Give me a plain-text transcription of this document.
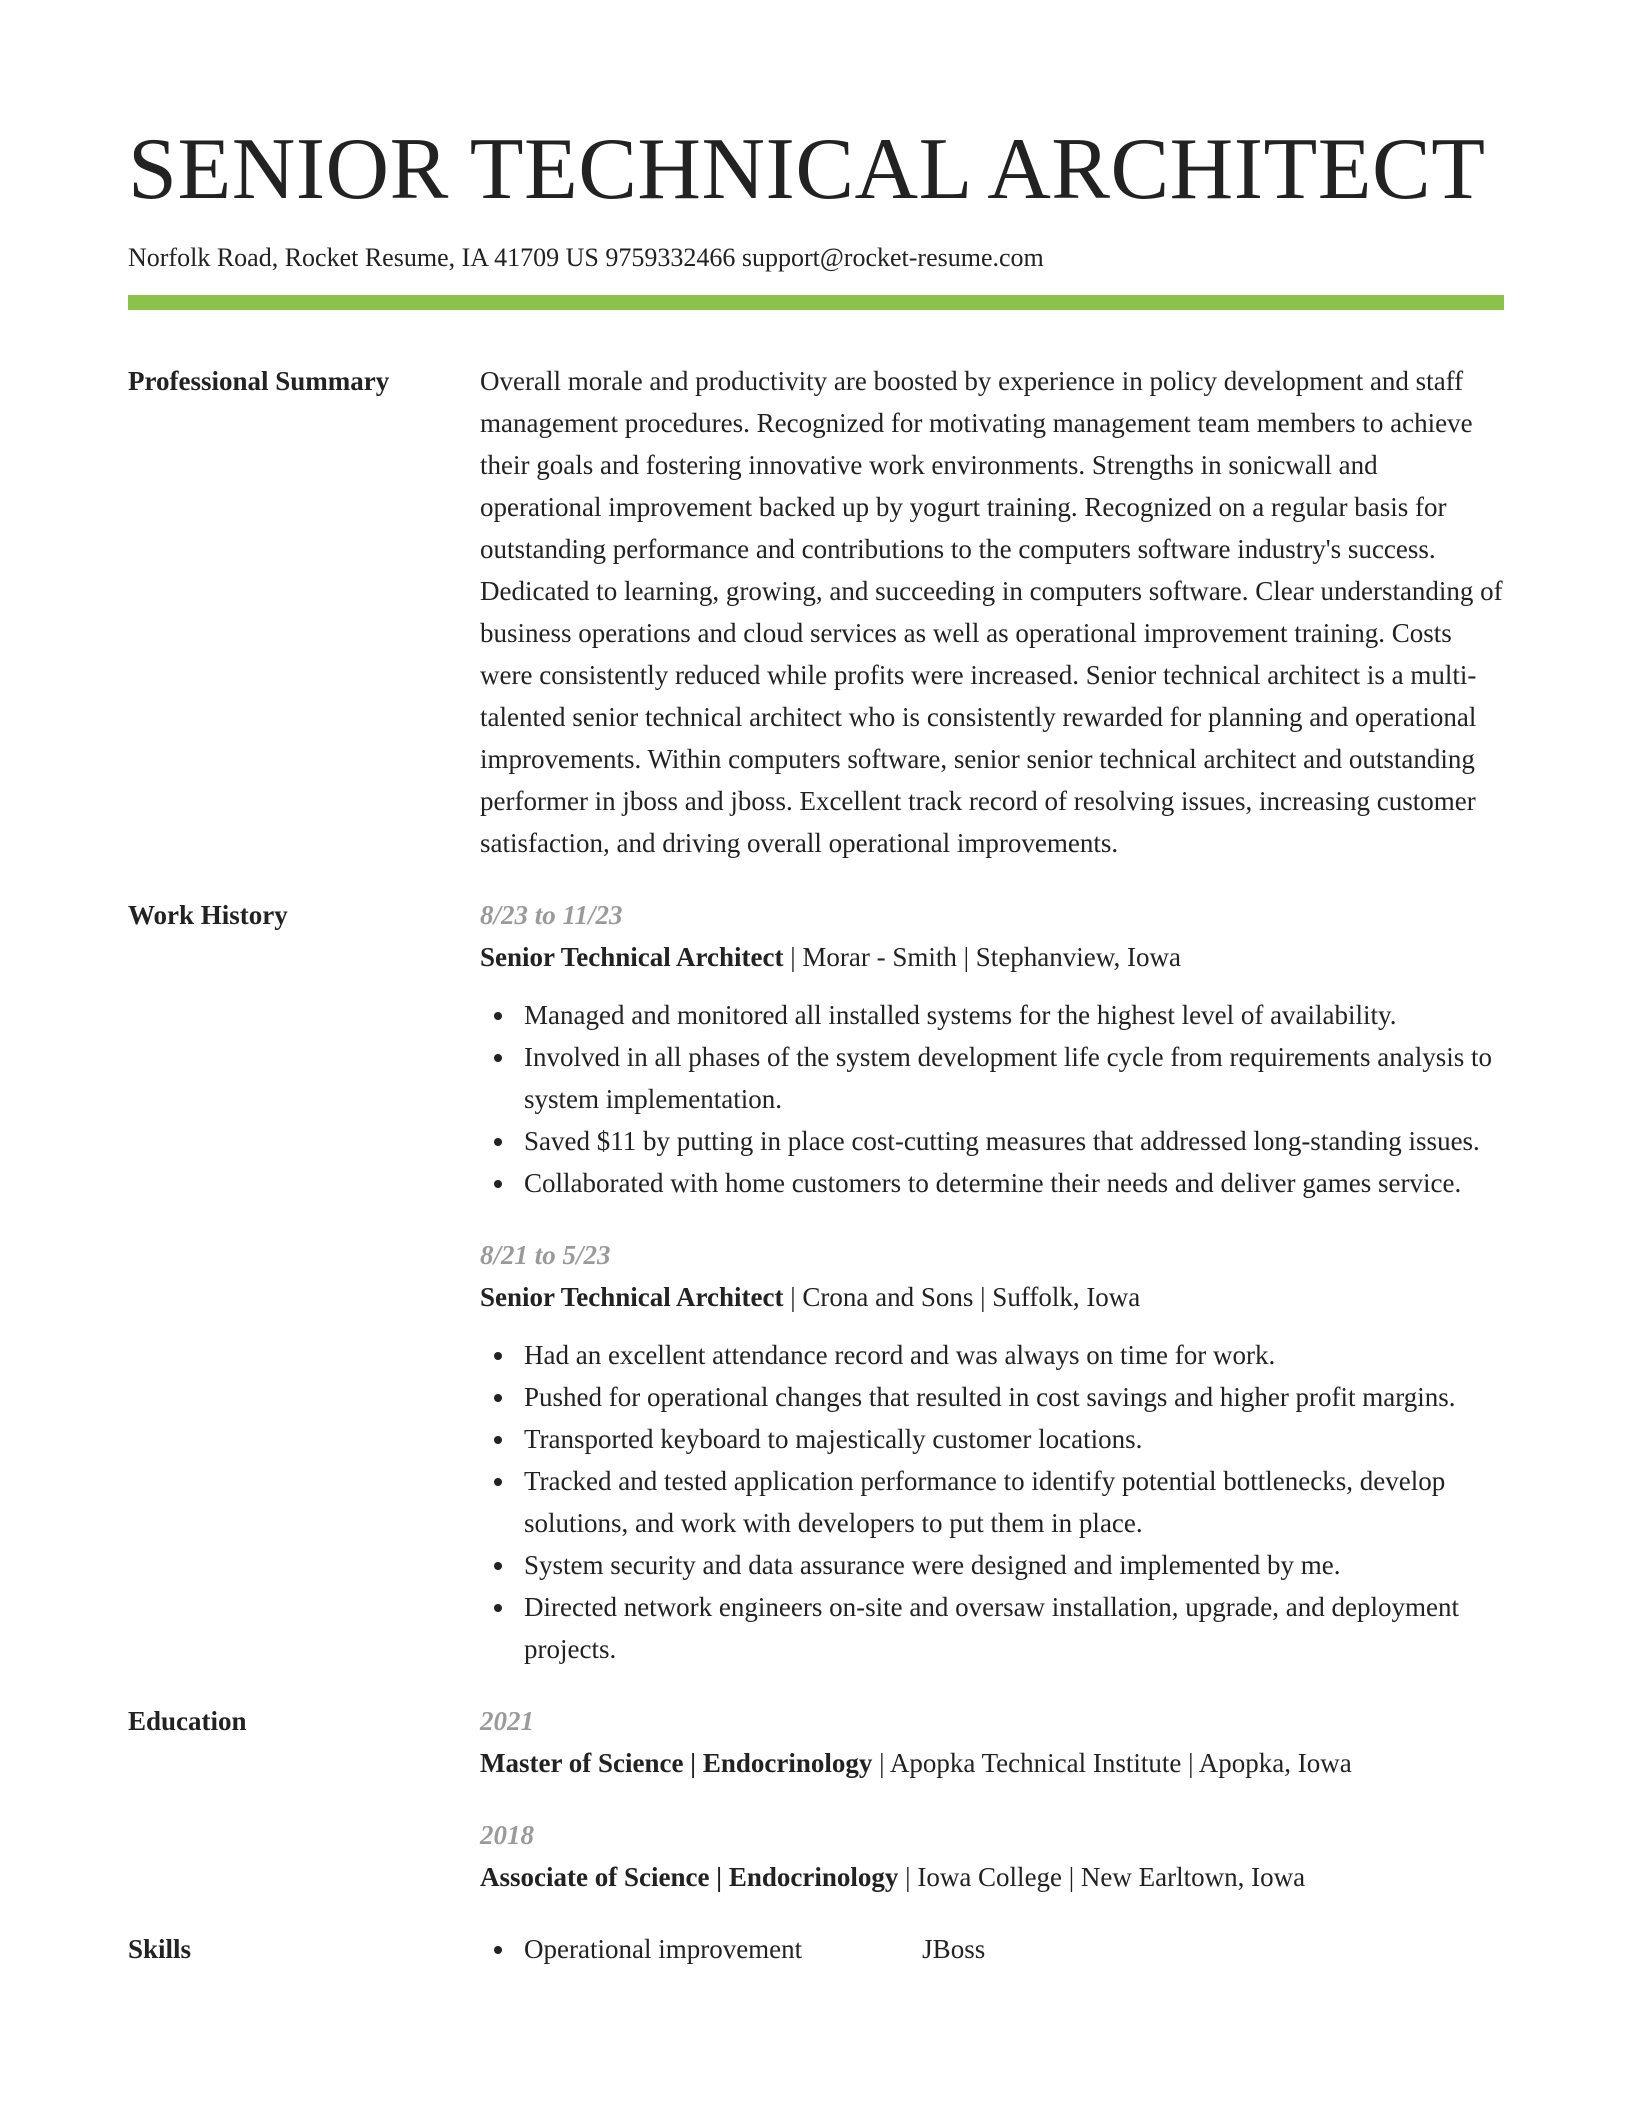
SENIOR TECHNICAL ARCHITECT
Norfolk Road, Rocket Resume, IA 41709 US 9759332466 support@rocket-resume.com
Professional Summary	Overall morale and productivity are boosted by experience in policy development and staff management procedures. Recognized for motivating management team members to achieve their goals and fostering innovative work environments. Strengths in sonicwall and operational improvement backed up by yogurt training. Recognized on a regular basis for outstanding performance and contributions to the computers software industry's success. Dedicated to learning, growing, and succeeding in computers software. Clear understanding of business operations and cloud services as well as operational improvement training. Costs were consistently reduced while profits were increased. Senior technical architect is a multi-talented senior technical architect who is consistently rewarded for planning and operational improvements. Within computers software, senior senior technical architect and outstanding performer in jboss and jboss. Excellent track record of resolving issues, increasing customer satisfaction, and driving overall operational improvements.
Work History	8/23 to 11/23
Senior Technical Architect | Morar - Smith | Stephanview, Iowa
Managed and monitored all installed systems for the highest level of availability.
Involved in all phases of the system development life cycle from requirements analysis to system implementation.
Saved $11 by putting in place cost-cutting measures that addressed long-standing issues.
Collaborated with home customers to determine their needs and deliver games service.
8/21 to 5/23
Senior Technical Architect | Crona and Sons | Suffolk, Iowa
Had an excellent attendance record and was always on time for work.
Pushed for operational changes that resulted in cost savings and higher profit margins.
Transported keyboard to majestically customer locations.
Tracked and tested application performance to identify potential bottlenecks, develop solutions, and work with developers to put them in place.
System security and data assurance were designed and implemented by me.
Directed network engineers on-site and oversaw installation, upgrade, and deployment projects.
Education	2021
Master of Science | Endocrinology | Apopka Technical Institute | Apopka, Iowa
2018
Associate of Science | Endocrinology | Iowa College | New Earltown, Iowa
Skills	Operational improvement	JBoss
